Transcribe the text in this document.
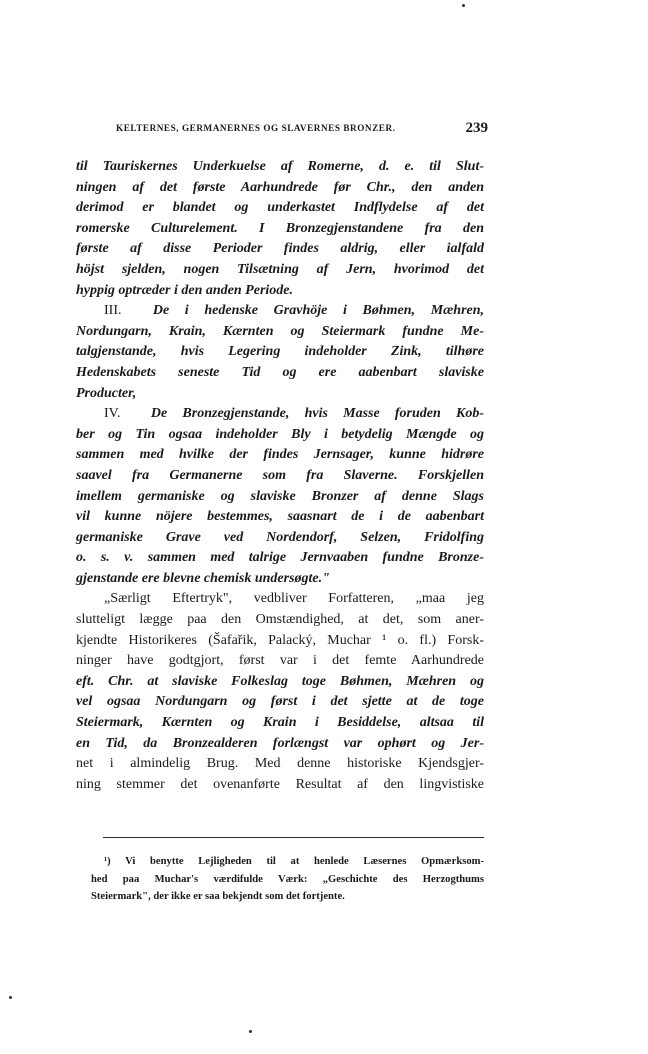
KELTERNES, GERMANERNES OG SLAVERNES BRONZER.	239
til Tauriskernes Underkuelse af Romerne, d. e. til Slut-
ningen af det første Aarhundrede før Chr., den anden
derimod er blandet og underkastet Indflydelse af det
romerske Culturelement. I Bronzegjenstandene fra den
første af disse Perioder findes aldrig, eller ialfald
höjst sjelden, nogen Tilsætning af Jern, hvorimod det
hyppig optræder i den anden Periode.
III. De i hedenske Gravhöje i Bøhmen, Mæhren,
Nordungarn, Krain, Kærnten og Steiermark fundne Me-
talgjenstande, hvis Legering indeholder Zink, tilhøre
Hedenskabets seneste Tid og ere aabenbart slaviske
Producter,
IV. De Bronzegjenstande, hvis Masse foruden Kob-
ber og Tin ogsaa indeholder Bly i betydelig Mængde og
sammen med hvilke der findes Jernsager, kunne hidrøre
saavel fra Germanerne som fra Slaverne. Forskjellen
imellem germaniske og slaviske Bronzer af denne Slags
vil kunne nöjere bestemmes, saasnart de i de aabenbart
germaniske Grave ved Nordendorf, Selzen, Fridolfing
o. s. v. sammen med talrige Jernvaaben fundne Bronze-
gjenstande ere blevne chemisk undersøgte."
„Særligt Eftertryk", vedbliver Forfatteren, „maa jeg
slutteligt lægge paa den Omstændighed, at det, som aner-
kjendte Historikeres (Šafařik, Palacký, Muchar ¹ o. fl.) Forsk-
ninger have godtgjort, først var i det femte Aarhundrede
eft. Chr. at slaviske Folkeslag toge Bøhmen, Mæhren og
vel ogsaa Nordungarn og først i det sjette at de toge
Steiermark, Kærnten og Krain i Besiddelse, altsaa til
en Tid, da Bronzealderen forlængst var ophørt og Jer-
net i almindelig Brug. Med denne historiske Kjendsgjer-
ning stemmer det ovenanførte Resultat af den lingvistiske
¹) Vi benytte Lejligheden til at henlede Læsernes Opmærksom-
hed paa Muchar's værdifulde Værk: „Geschichte des Herzogthums
Steiermark", der ikke er saa bekjendt som det fortjente.
